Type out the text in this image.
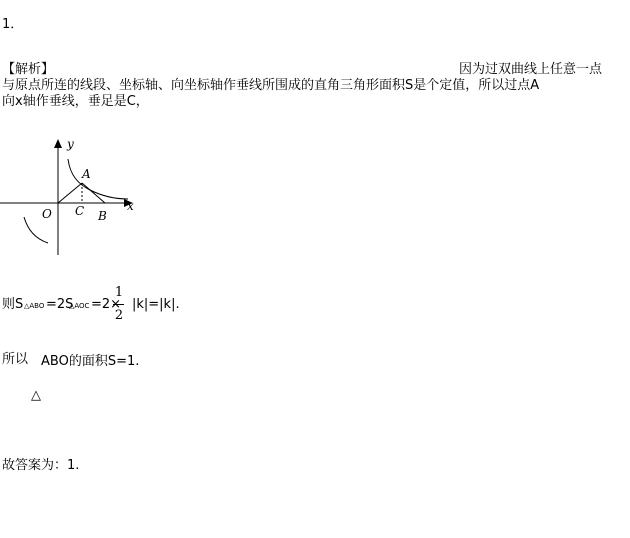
1．
【解析】	因为过双曲线上任意一点
与原点所连的线段、坐标轴、向坐标轴作垂线所围成的直角三角形面积S是个定值，所以过点A
向x轴作垂线，垂足是C，
y
x
A
O C B
则S △ABO =2S
△AOC =2×
1
2
|k|=|k|.
所以 ABO的面积S=1.
△
故答案为：1.
